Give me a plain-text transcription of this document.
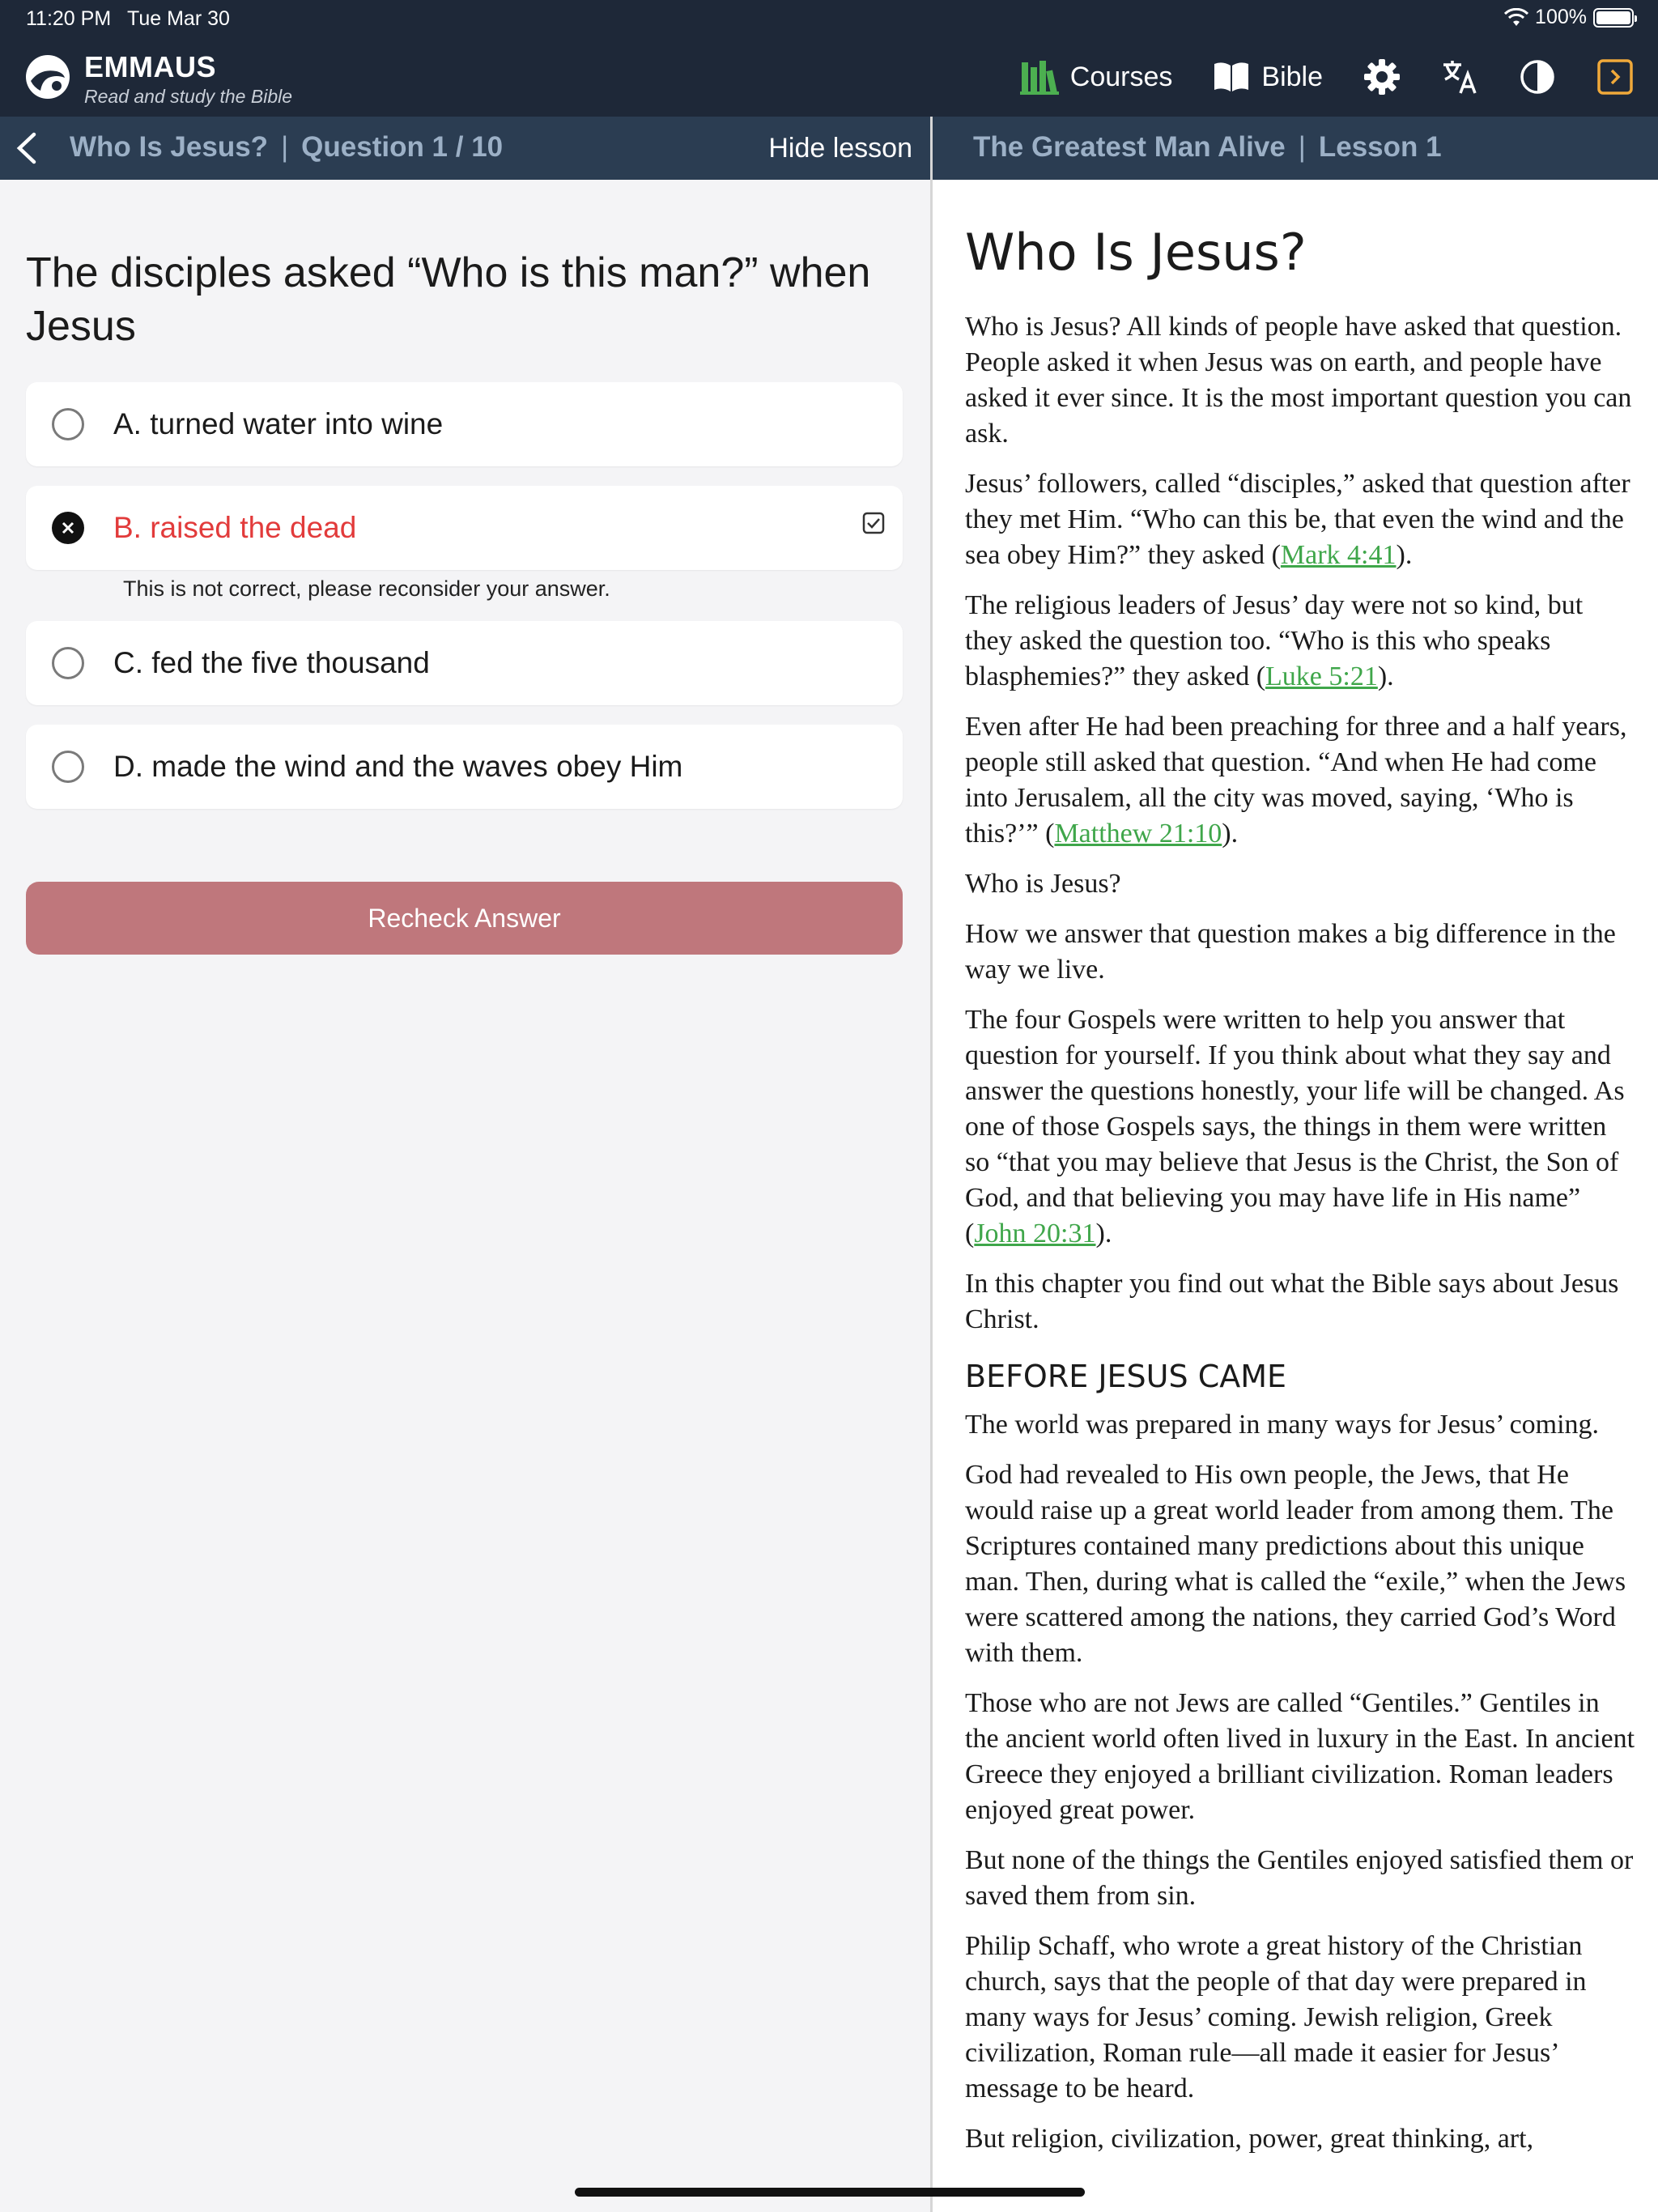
11:20 PM Tue Mar 30	100%
EMMAUS
Read and study the Bible
Courses	Bible
Who Is Jesus? | Question 1 / 10	Hide lesson The Greatest Man Alive | Lesson 1
The disciples asked “Who is this man?” when Jesus
A. turned water into wine
B. raised the dead
This is not correct, please reconsider your answer.
C. fed the five thousand
D. made the wind and the waves obey Him
Recheck Answer
Who Is Jesus?

Who is Jesus? All kinds of people have asked that question. People asked it when Jesus was on earth, and people have asked it ever since. It is the most important question you can ask.

Jesus’ followers, called “disciples,” asked that question after they met Him. “Who can this be, that even the wind and the sea obey Him?” they asked (Mark 4:41).

The religious leaders of Jesus’ day were not so kind, but they asked the question too. “Who is this who speaks blasphemies?” they asked (Luke 5:21).

Even after He had been preaching for three and a half years, people still asked that question. “And when He had come into Jerusalem, all the city was moved, saying, ‘Who is this?’” (Matthew 21:10).

Who is Jesus?

How we answer that question makes a big difference in the way we live.

The four Gospels were written to help you answer that question for yourself. If you think about what they say and answer the questions honestly, your life will be changed. As one of those Gospels says, the things in them were written so “that you may believe that Jesus is the Christ, the Son of God, and that believing you may have life in His name” (John 20:31).

In this chapter you find out what the Bible says about Jesus Christ.

BEFORE JESUS CAME

The world was prepared in many ways for Jesus’ coming.

God had revealed to His own people, the Jews, that He would raise up a great world leader from among them. The Scriptures contained many predictions about this unique man. Then, during what is called the “exile,” when the Jews were scattered among the nations, they carried God’s Word with them.

Those who are not Jews are called “Gentiles.” Gentiles in the ancient world often lived in luxury in the East. In ancient Greece they enjoyed a brilliant civilization. Roman leaders enjoyed great power.

But none of the things the Gentiles enjoyed satisfied them or saved them from sin.

Philip Schaff, who wrote a great history of the Christian church, says that the people of that day were prepared in many ways for Jesus’ coming. Jewish religion, Greek civilization, Roman rule—all made it easier for Jesus’ message to be heard.

But religion, civilization, power, great thinking, art,
